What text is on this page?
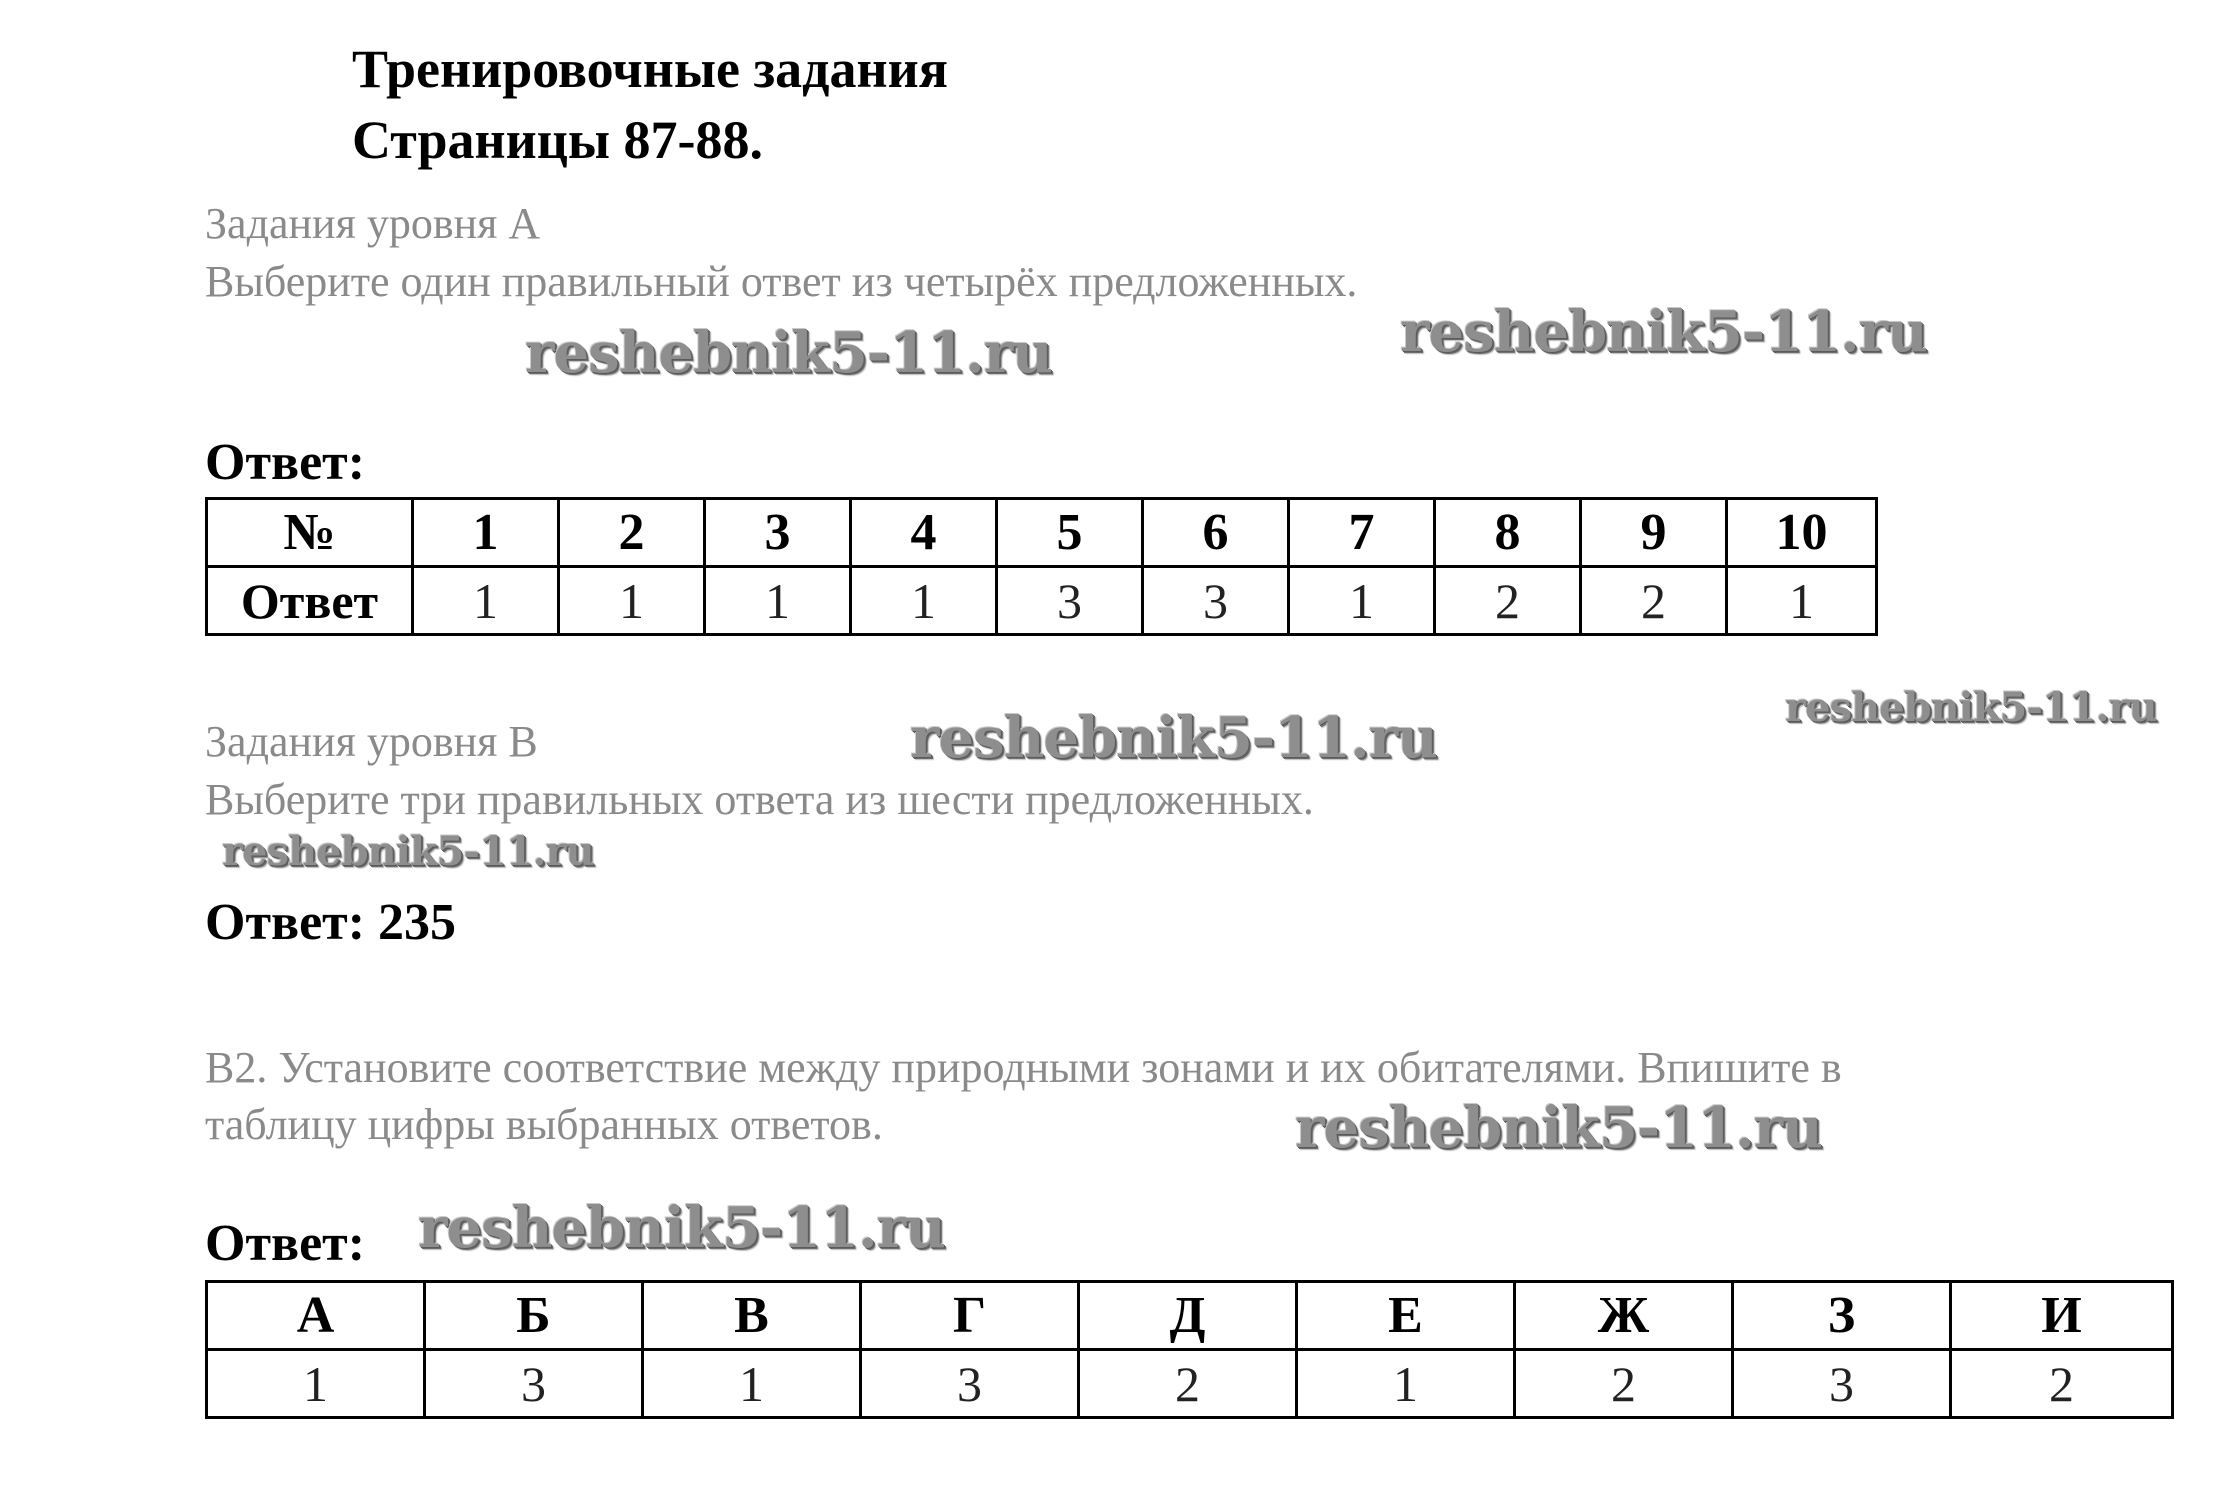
Тренировочные задания
Страницы 87-88.
Задания уровня А
Выберите один правильный ответ из четырёх предложенных.
reshebnik5-11.ru	reshebnik5-11.ru
Ответ:
№	1	2	3	4	5	6	7	8	9	10
Ответ	1	1	1	1	3	3	1	2	2	1
reshebnik5-11.ru
reshebnik5-11.ru
Задания уровня В
Выберите три правильных ответа из шести предложенных.
reshebnik5-11.ru
Ответ: 235
В2. Установите соответствие между природными зонами и их обитателями. Впишите в
таблицу цифры выбранных ответов.	reshebnik5-11.ru
Ответ: reshebnik5-11.ru
А	Б	В	Г	Д	Е	Ж	З	И
1	3	1	3	2	1	2	3	2
